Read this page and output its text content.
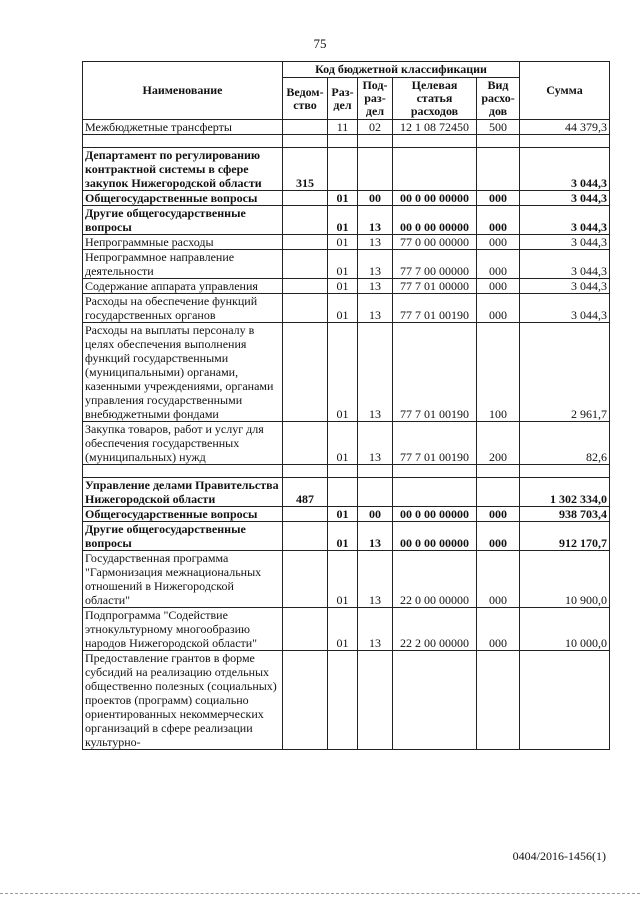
75
Наименование	Код бюджетной классификации					Сумма
	Ведом-ство	Раз-дел	Под-раз-дел	Целевая статья расходов	Вид расхо-дов	
Межбюджетные трансферты		11	02	12 1 08 72450	500	44 379,3

Департамент по регулированию контрактной системы в сфере закупок Нижегородской области	315					3 044,3
Общегосударственные вопросы		01	00	00 0 00 00000	000	3 044,3
Другие общегосударственные вопросы		01	13	00 0 00 00000	000	3 044,3
Непрограммные расходы		01	13	77 0 00 00000	000	3 044,3
Непрограммное направление деятельности		01	13	77 7 00 00000	000	3 044,3
Содержание аппарата управления		01	13	77 7 01 00000	000	3 044,3
Расходы на обеспечение функций государственных органов		01	13	77 7 01 00190	000	3 044,3
Расходы на выплаты персоналу в целях обеспечения выполнения функций государственными (муниципальными) органами, казенными учреждениями, органами управления государственными внебюджетными фондами		01	13	77 7 01 00190	100	2 961,7
Закупка товаров, работ и услуг для обеспечения государственных (муниципальных) нужд		01	13	77 7 01 00190	200	82,6

Управление делами Правительства Нижегородской области	487					1 302 334,0
Общегосударственные вопросы		01	00	00 0 00 00000	000	938 703,4
Другие общегосударственные вопросы		01	13	00 0 00 00000	000	912 170,7
Государственная программа "Гармонизация межнациональных отношений в Нижегородской области"		01	13	22 0 00 00000	000	10 900,0
Подпрограмма "Содействие этнокультурному многообразию народов Нижегородской области"		01	13	22 2 00 00000	000	10 000,0
Предоставление грантов в форме субсидий на реализацию отдельных общественно полезных (социальных) проектов (программ) социально ориентированных некоммерческих организаций в сфере реализации культурно-						
0404/2016-1456(1)
